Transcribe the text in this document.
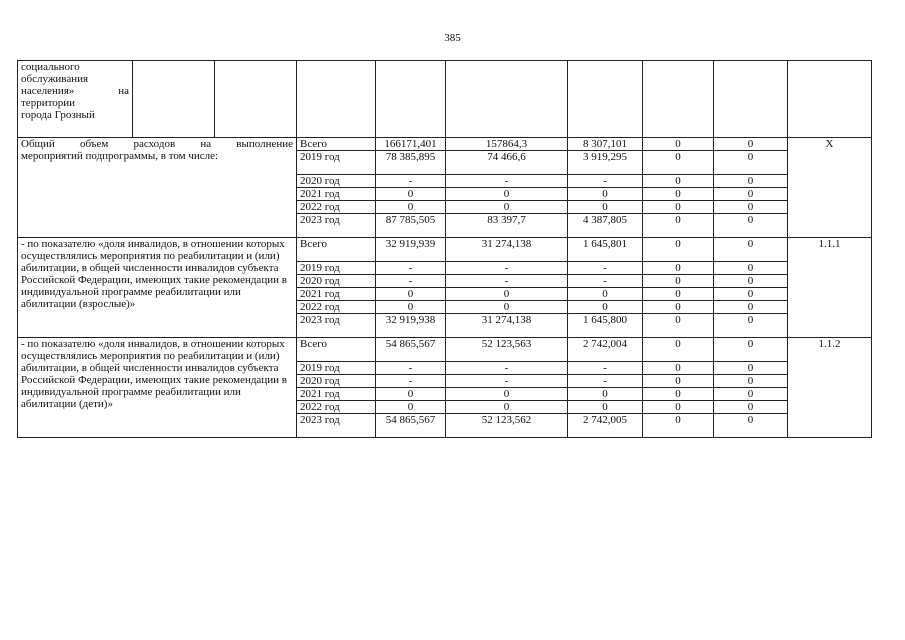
385
социального
обслуживания

населения» на
территории
города Грозный									

Общий объем расходов на выполнение
мероприятий подпрограммы, в том числе:			Всего	166171,401	157864,3	8 307,101	0	0	X
			2019 год	78 385,895	74 466,6	3 919,295	0	0	
			2020 год	-	-	-	0	0	
			2021 год	0	0	0	0	0	
			2022 год	0	0	0	0	0	
			2023 год	87 785,505	83 397,7	4 387,805	0	0	
- по показателю «доля инвалидов, в отношении которых осуществлялись мероприятия по реабилитации и (или) абилитации, в общей численности инвалидов субъекта Российской Федерации, имеющих такие рекомендации в индивидуальной программе реабилитации или абилитации (взрослые)»			Всего	32 919,939	31 274,138	1 645,801	0	0	1.1.1
			2019 год	-	-	-	0	0	
			2020 год	-	-	-	0	0	
			2021 год	0	0	0	0	0	
			2022 год	0	0	0	0	0	
			2023 год	32 919,938	31 274,138	1 645,800	0	0	
- по показателю «доля инвалидов, в отношении которых осуществлялись мероприятия по реабилитации и (или) абилитации, в общей численности инвалидов субъекта Российской Федерации, имеющих такие рекомендации в индивидуальной программе реабилитации или абилитации (дети)»			Всего	54 865,567	52 123,563	2 742,004	0	0	1.1.2
			2019 год	-	-	-	0	0	
			2020 год	-	-	-	0	0	
			2021 год	0	0	0	0	0	
			2022 год	0	0	0	0	0	
			2023 год	54 865,567	52 123,562	2 742,005	0	0	
